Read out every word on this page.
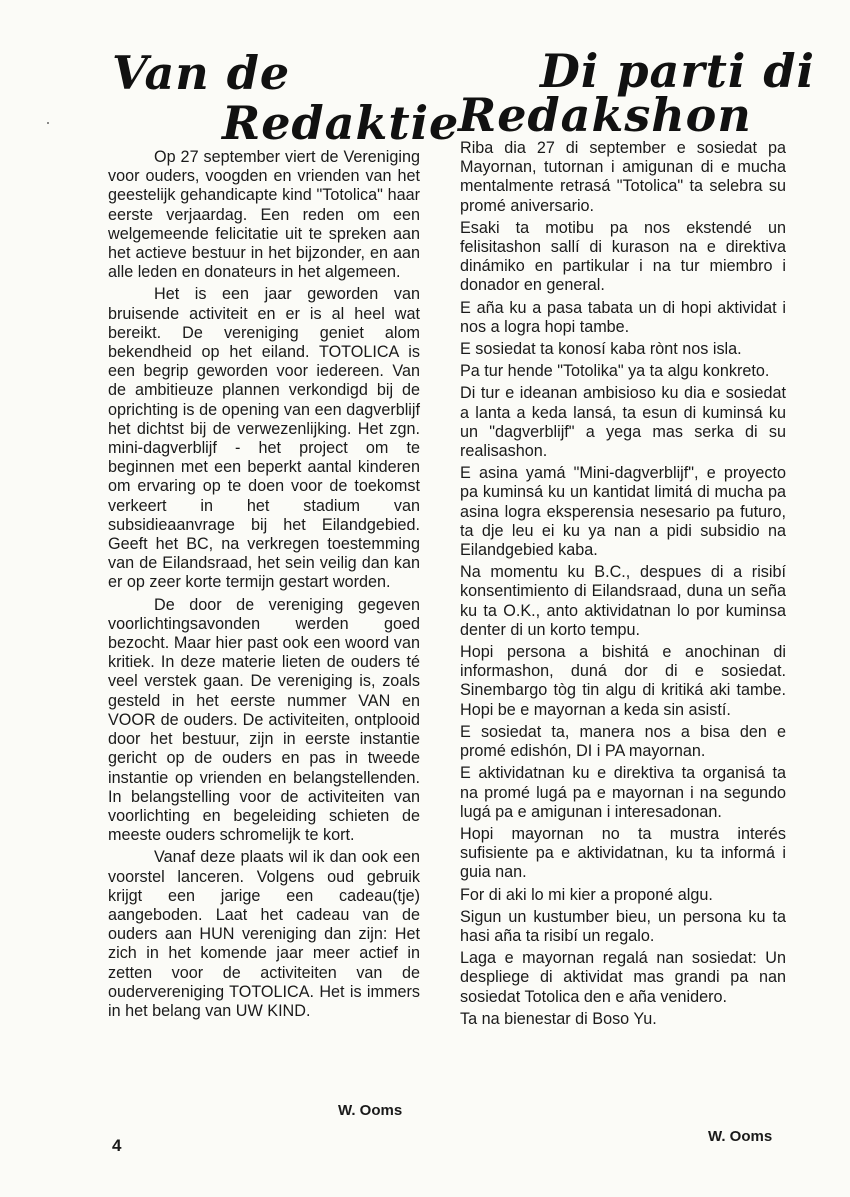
Van de
Redaktie
Di parti di
Redakshon

Op 27 september viert de Vereniging voor ouders, voogden en vrienden van het geestelijk gehandicapte kind "Totolica" haar eerste verjaardag. Een reden om een welgemeende felicitatie uit te spreken aan het actieve bestuur in het bijzonder, en aan alle leden en donateurs in het algemeen.

Het is een jaar geworden van bruisende activiteit en er is al heel wat bereikt. De vereniging geniet alom bekendheid op het eiland. TOTOLICA is een begrip geworden voor iedereen. Van de ambitieuze plannen verkondigd bij de oprichting is de opening van een dagverblijf het dichtst bij de verwezenlijking. Het zgn. mini-dagverblijf - het project om te beginnen met een beperkt aantal kinderen om ervaring op te doen voor de toekomst verkeert in het stadium van subsidieaanvrage bij het Eilandgebied. Geeft het BC, na verkregen toestemming van de Eilandsraad, het sein veilig dan kan er op zeer korte termijn gestart worden.

De door de vereniging gegeven voorlichtingsavonden werden goed bezocht. Maar hier past ook een woord van kritiek. In deze materie lieten de ouders té veel verstek gaan. De vereniging is, zoals gesteld in het eerste nummer VAN en VOOR de ouders. De activiteiten, ontplooid door het bestuur, zijn in eerste instantie gericht op de ouders en pas in tweede instantie op vrienden en belangstellenden. In belangstelling voor de activiteiten van voorlichting en begeleiding schieten de meeste ouders schromelijk te kort.

Vanaf deze plaats wil ik dan ook een voorstel lanceren. Volgens oud gebruik krijgt een jarige een cadeau(tje) aangeboden. Laat het cadeau van de ouders aan HUN vereniging dan zijn: Het zich in het komende jaar meer actief in zetten voor de activiteiten van de oudervereniging TOTOLICA. Het is immers in het belang van UW KIND.

W. Ooms

Riba dia 27 di september e sosiedat pa Mayornan, tutornan i amigunan di e mucha mentalmente retrasá "Totolica" ta selebra su promé aniversario.

Esaki ta motibu pa nos ekstendé un felisitashon sallí di kurason na e direktiva dinámiko en partikular i na tur miembro i donador en general.

E aña ku a pasa tabata un di hopi aktividat i nos a logra hopi tambe.

E sosiedat ta konosí kaba rònt nos isla.

Pa tur hende "Totolika" ya ta algu konkreto.

Di tur e ideanan ambisioso ku dia e sosiedat a lanta a keda lansá, ta esun di kuminsá ku un "dagverblijf" a yega mas serka di su realisashon.

E asina yamá "Mini-dagverblijf", e proyecto pa kuminsá ku un kantidat limitá di mucha pa asina logra eksperensia nesesario pa futuro, ta dje leu ei ku ya nan a pidi subsidio na Eilandgebied kaba.

Na momentu ku B.C., despues di a risibí konsentimiento di Eilandsraad, duna un seña ku ta O.K., anto aktividatnan lo por kuminsa denter di un korto tempu.

Hopi persona a bishitá e anochinan di informashon, duná dor di e sosiedat. Sinembargo tòg tin algu di kritiká aki tambe. Hopi be e mayornan a keda sin asistí.

E sosiedat ta, manera nos a bisa den e promé edishón, DI i PA mayornan.

E aktividatnan ku e direktiva ta organisá ta na promé lugá pa e mayornan i na segundo lugá pa e amigunan i interesadonan.

Hopi mayornan no ta mustra interés sufisiente pa e aktividatnan, ku ta informá i guia nan.

For di aki lo mi kier a proponé algu.

Sigun un kustumber bieu, un persona ku ta hasi aña ta risibí un regalo.

Laga e mayornan regalá nan sosiedat: Un despliege di aktividat mas grandi pa nan sosiedat Totolica den e aña venidero.

Ta na bienestar di Boso Yu.

W. Ooms
4
